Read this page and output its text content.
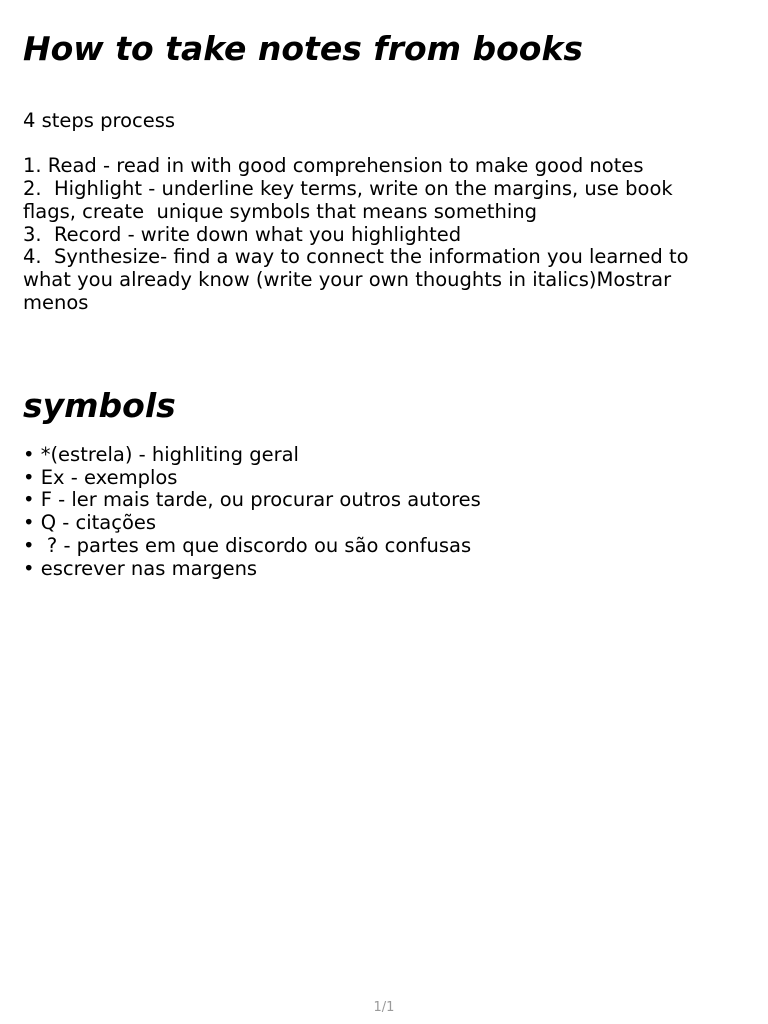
How to take notes from books
4 steps process
1. Read - read in with good comprehension to make good notes
2.  Highlight - underline key terms, write on the margins, use book
flags, create  unique symbols that means something
3.  Record - write down what you highlighted
4.  Synthesize- find a way to connect the information you learned to
what you already know (write your own thoughts in italics)Mostrar
menos
symbols
• *(estrela) - highliting geral
• Ex - exemplos
• F - ler mais tarde, ou procurar outros autores
• Q - citações
•  ? - partes em que discordo ou são confusas
• escrever nas margens
1/1
